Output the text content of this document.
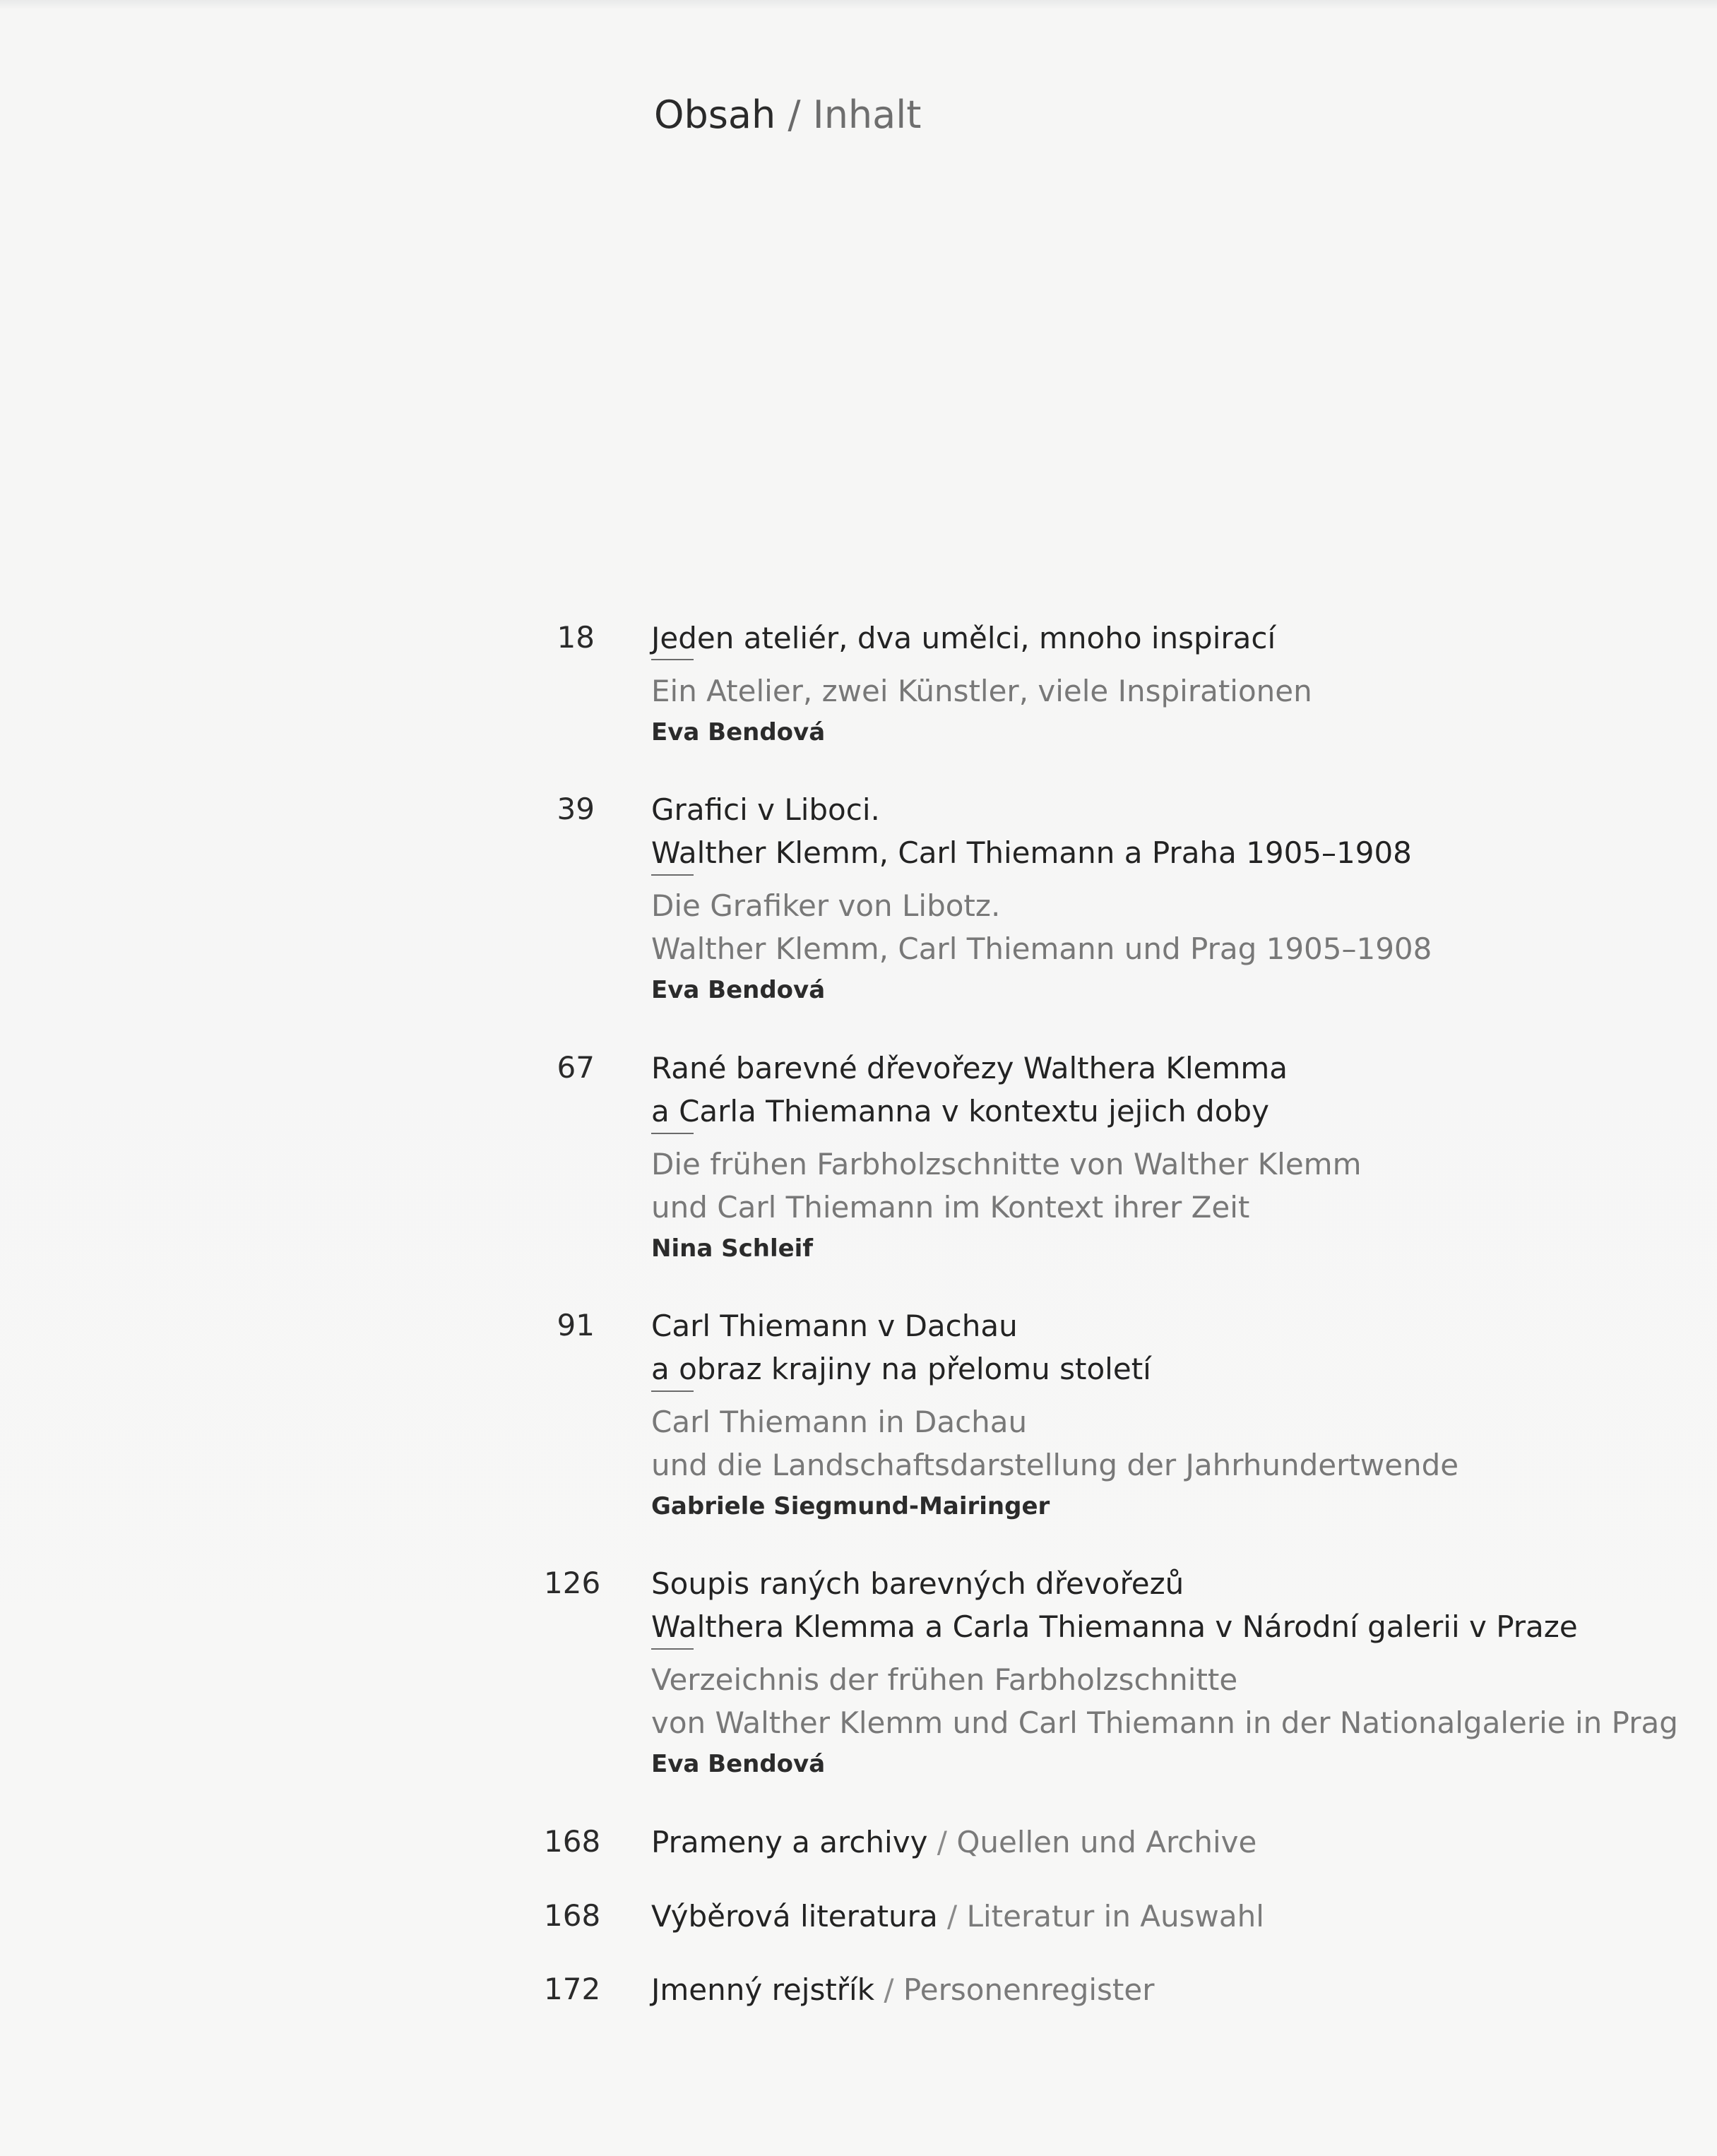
Obsah / Inhalt
18 Jeden ateliér, dva umělci, mnoho inspirací
Ein Atelier, zwei Künstler, viele Inspirationen
Eva Bendová
39 Grafici v Liboci.
Walther Klemm, Carl Thiemann a Praha 1905–1908
Die Grafiker von Libotz.
Walther Klemm, Carl Thiemann und Prag 1905–1908
Eva Bendová
67 Rané barevné dřevořezy Walthera Klemma
a Carla Thiemanna v kontextu jejich doby
Die frühen Farbholzschnitte von Walther Klemm
und Carl Thiemann im Kontext ihrer Zeit
Nina Schleif
91 Carl Thiemann v Dachau
a obraz krajiny na přelomu století
Carl Thiemann in Dachau
und die Landschaftsdarstellung der Jahrhundertwende
Gabriele Siegmund-Mairinger
126 Soupis raných barevných dřevořezů
Walthera Klemma a Carla Thiemanna v Národní galerii v Praze
Verzeichnis der frühen Farbholzschnitte
von Walther Klemm und Carl Thiemann in der Nationalgalerie in Prag
Eva Bendová
168 Prameny a archivy / Quellen und Archive
168 Výběrová literatura / Literatur in Auswahl
172 Jmenný rejstřík / Personenregister
